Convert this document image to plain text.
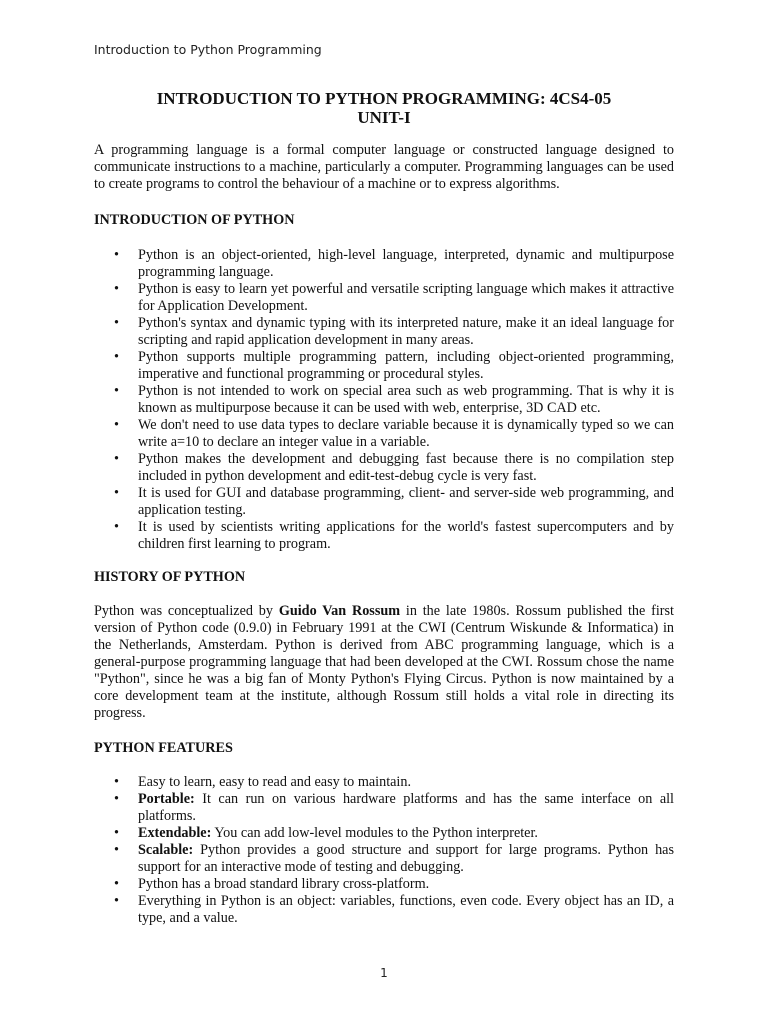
Introduction to Python Programming
INTRODUCTION TO PYTHON PROGRAMMING: 4CS4-05
UNIT-I

A programming language is a formal computer language or constructed language designed to communicate instructions to a machine, particularly a computer. Programming languages can be used to create programs to control the behaviour of a machine or to express algorithms.

INTRODUCTION OF PYTHON
• Python is an object-oriented, high-level language, interpreted, dynamic and multipurpose programming language.
• Python is easy to learn yet powerful and versatile scripting language which makes it attractive for Application Development.
• Python's syntax and dynamic typing with its interpreted nature, make it an ideal language for scripting and rapid application development in many areas.
• Python supports multiple programming pattern, including object-oriented programming, imperative and functional programming or procedural styles.
• Python is not intended to work on special area such as web programming. That is why it is known as multipurpose because it can be used with web, enterprise, 3D CAD etc.
• We don't need to use data types to declare variable because it is dynamically typed so we can write a=10 to declare an integer value in a variable.
• Python makes the development and debugging fast because there is no compilation step included in python development and edit-test-debug cycle is very fast.
• It is used for GUI and database programming, client- and server-side web programming, and application testing.
• It is used by scientists writing applications for the world's fastest supercomputers and by children first learning to program.
HISTORY OF PYTHON

Python was conceptualized by Guido Van Rossum in the late 1980s. Rossum published the first version of Python code (0.9.0) in February 1991 at the CWI (Centrum Wiskunde & Informatica) in the Netherlands, Amsterdam. Python is derived from ABC programming language, which is a general-purpose programming language that had been developed at the CWI. Rossum chose the name "Python", since he was a big fan of Monty Python's Flying Circus. Python is now maintained by a core development team at the institute, although Rossum still holds a vital role in directing its progress.

PYTHON FEATURES
• Easy to learn, easy to read and easy to maintain.
• Portable: It can run on various hardware platforms and has the same interface on all platforms.
• Extendable: You can add low-level modules to the Python interpreter.
• Scalable: Python provides a good structure and support for large programs. Python has support for an interactive mode of testing and debugging.
• Python has a broad standard library cross-platform.
• Everything in Python is an object: variables, functions, even code. Every object has an ID, a type, and a value.
1
